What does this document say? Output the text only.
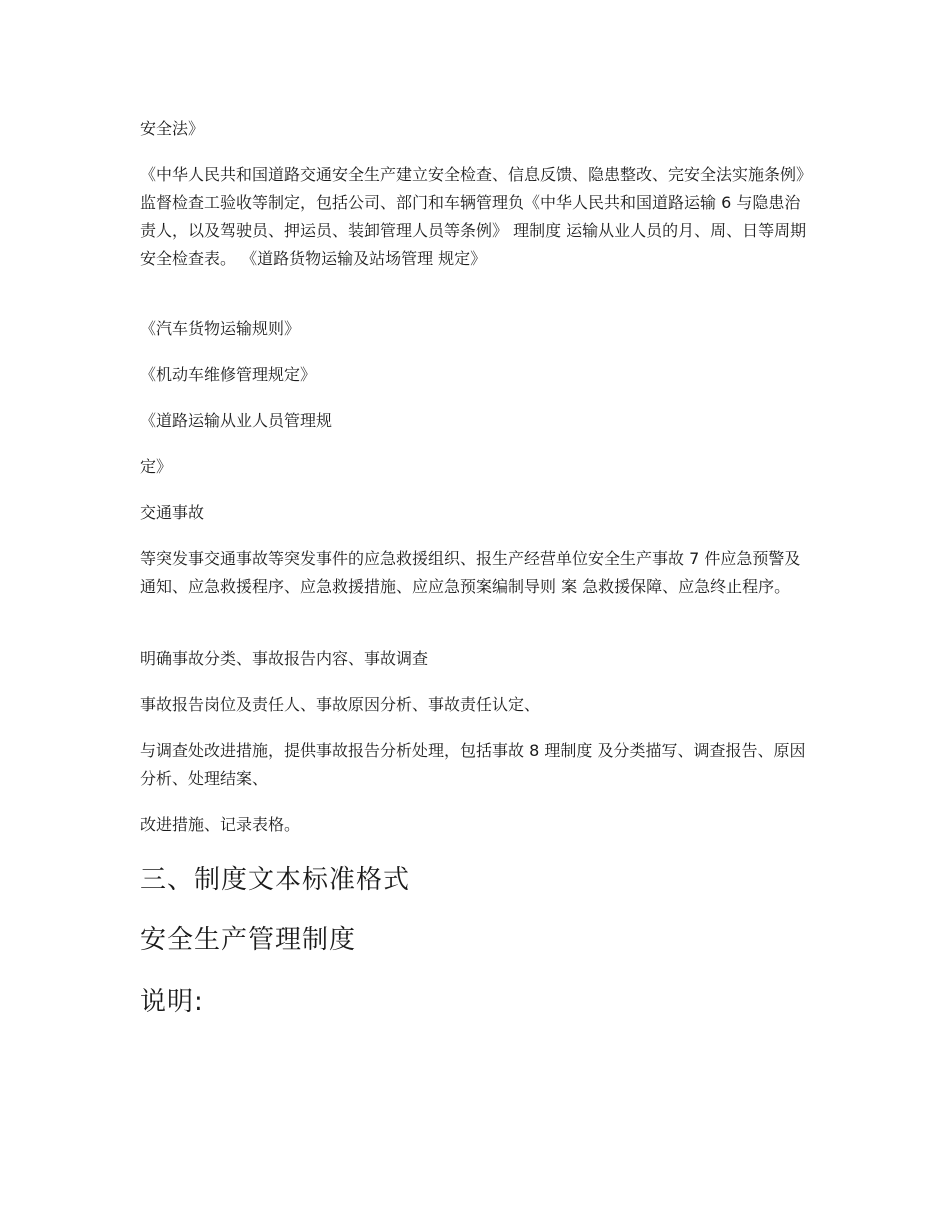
安全法》

《中华人民共和国道路交通安全生产建立安全检查、信息反馈、隐患整改、完安全法实施条例》 监督检查工验收等制定，包括公司、部门和车辆管理负《中华人民共和国道路运输 6 与隐患治责人，以及驾驶员、押运员、装卸管理人员等条例》 理制度 运输从业人员的月、周、日等周期安全检查表。 《道路货物运输及站场管理 规定》

《汽车货物运输规则》

《机动车维修管理规定》

《道路运输从业人员管理规

定》

交通事故

等突发事交通事故等突发事件的应急救援组织、报生产经营单位安全生产事故 7 件应急预警及通知、应急救援程序、应急救援措施、应应急预案编制导则 案 急救援保障、应急终止程序。

明确事故分类、事故报告内容、事故调查

事故报告岗位及责任人、事故原因分析、事故责任认定、

与调查处改进措施，提供事故报告分析处理，包括事故 8 理制度 及分类描写、调查报告、原因分析、处理结案、

改进措施、记录表格。

三、制度文本标准格式
安全生产管理制度
说明:
